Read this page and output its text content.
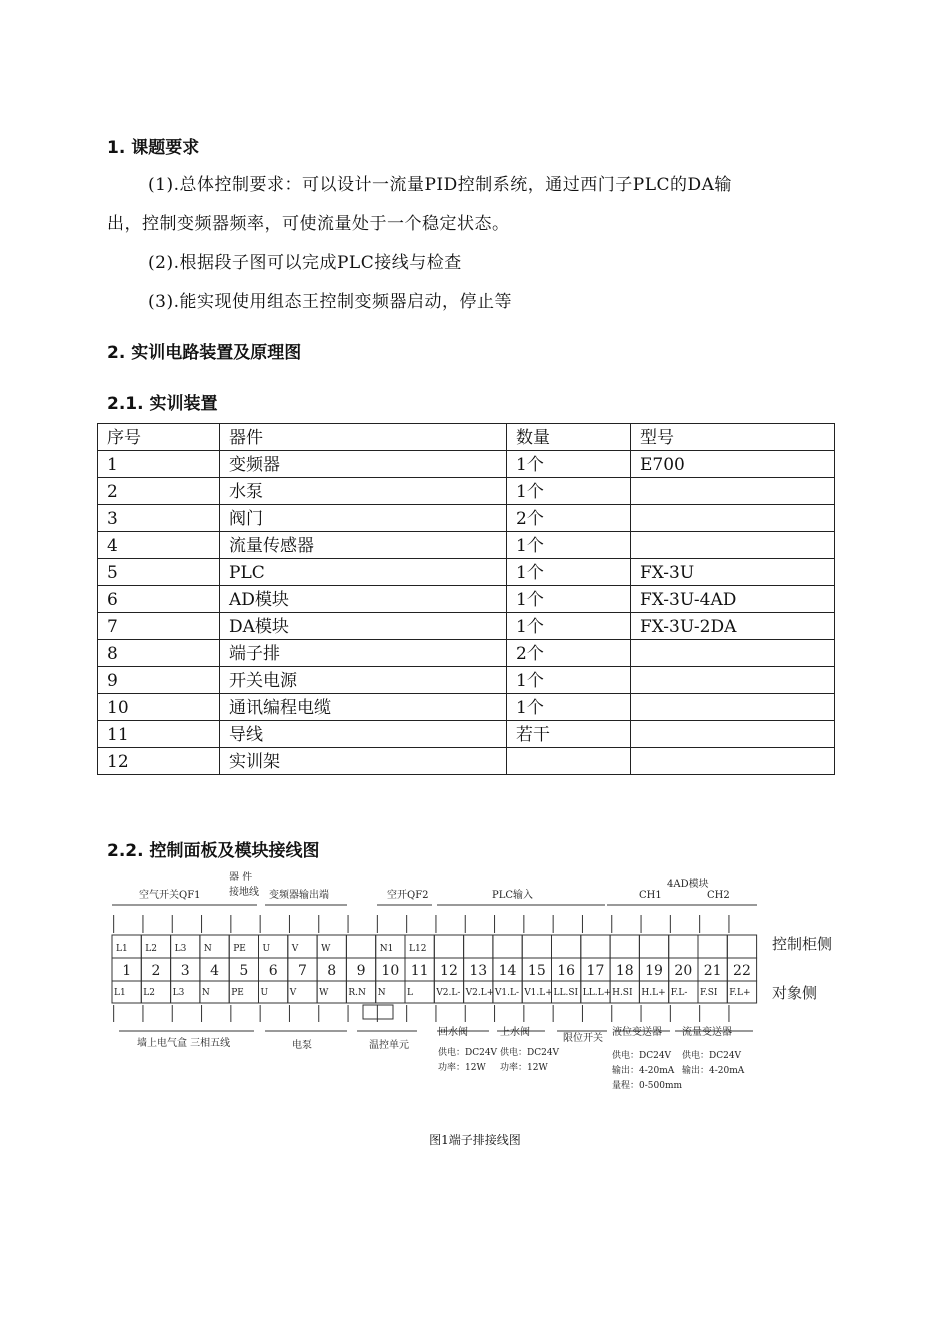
1. 课题要求
(1).总体控制要求：可以设计一流量PID控制系统，通过西门子PLC的DA输
出，控制变频器频率，可使流量处于一个稳定状态。
(2).根据段子图可以完成PLC接线与检查
(3).能实现使用组态王控制变频器启动，停止等
2. 实训电路装置及原理图
2.1. 实训装置
序号	器件	数量	型号
1	变频器	1个	E700
2	水泵	1个	
3	阀门	2个	
4	流量传感器	1个	
5	PLC	1个	FX-3U
6	AD模块	1个	FX-3U-4AD
7	DA模块	1个	FX-3U-2DA
8	端子排	2个	
9	开关电源	1个	
10	通讯编程电缆	1个	
11	导线	若干	
12	实训架		
2.2. 控制面板及模块接线图
L1
1
L1
L2
2
L2
L3
3
L3
N
4
N
PE
5
PE
U
6
U
V
7
V
W
8
W
9
R.N
N1
10
N
L12
11
L
12
V2.L-
13
V2.L+
14
V1.L-
15
V1.L+
16
LL.SI
17
LL.L+
18
H.SI
19
H.L+
20
F.L-
21
F.SI
22
F.L+
空气开关QF1
器 件
接地线 变频器输出端	空开QF2	PLC输入
4AD模块
CH1	CH2
控制柜侧
对象侧
墙上电气盒 三相五线	电泵	温控单元
回水阀	上水阀
限位开关
液位变送器 流量变送器
供电：DC24V
功率：12W
供电：DC24V
功率：12W
供电：DC24V
输出：4-20mA
量程：0-500mm
供电：DC24V
输出：4-20mA
图1端子排接线图
